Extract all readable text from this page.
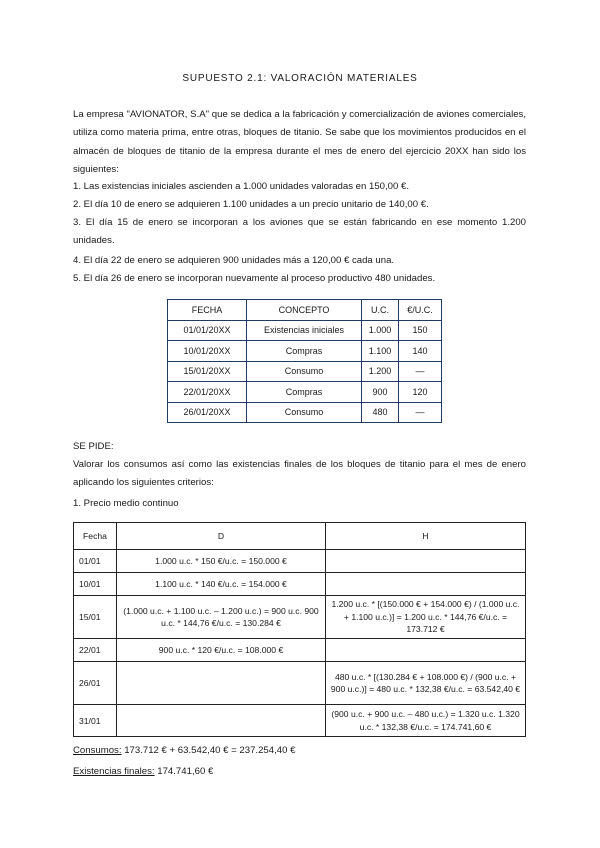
SUPUESTO 2.1: VALORACIÓN MATERIALES

La empresa "AVIONATOR, S.A" que se dedica a la fabricación y comercialización de aviones comerciales, utiliza como materia prima, entre otras, bloques de titanio. Se sabe que los movimientos producidos en el almacén de bloques de titanio de la empresa durante el mes de enero del ejercicio 20XX han sido los siguientes:

1. Las existencias iniciales ascienden a 1.000 unidades valoradas en 150,00 €.
2. El día 10 de enero se adquieren 1.100 unidades a un precio unitario de 140,00 €.

3. El día 15 de enero se incorporan a los aviones que se están fabricando en ese momento 1.200 unidades.

4. El día 22 de enero se adquieren 900 unidades más a 120,00 € cada una.
5. El día 26 de enero se incorporan nuevamente al proceso productivo 480 unidades.
FECHA	CONCEPTO	U.C.	€/U.C.
01/01/20XX	Existencias iniciales	1.000	150
10/01/20XX	Compras	1.100	140
15/01/20XX	Consumo	1.200	—
22/01/20XX	Compras	900	120
26/01/20XX	Consumo	480	—
SE PIDE:

Valorar los consumos así como las existencias finales de los bloques de titanio para el mes de enero aplicando los siguientes criterios:

1. Precio medio continuo
Fecha	D	H
01/01	1.000 u.c. * 150 €/u.c. = 150.000 €	
10/01	1.100 u.c. * 140 €/u.c. = 154.000 €	
15/01	(1.000 u.c. + 1.100 u.c. – 1.200 u.c.) = 900 u.c. 900 u.c. * 144,76 €/u.c. = 130.284 €	1.200 u.c. * [(150.000 € + 154.000 €) / (1.000 u.c. + 1.100 u.c.)] = 1.200 u.c. * 144,76 €/u.c. = 173.712 €
22/01	900 u.c. * 120 €/u.c. = 108.000 €	
26/01		480 u.c. * [(130.284 € + 108.000 €) / (900 u.c. + 900 u.c.)] = 480 u.c. * 132,38 €/u.c. = 63.542,40 €
31/01		(900 u.c. + 900 u.c. – 480 u.c.) = 1.320 u.c. 1.320 u.c. * 132,38 €/u.c. = 174.741,60 €
Consumos: 173.712 € + 63.542,40 € = 237.254,40 €
Existencias finales: 174.741,60 €
